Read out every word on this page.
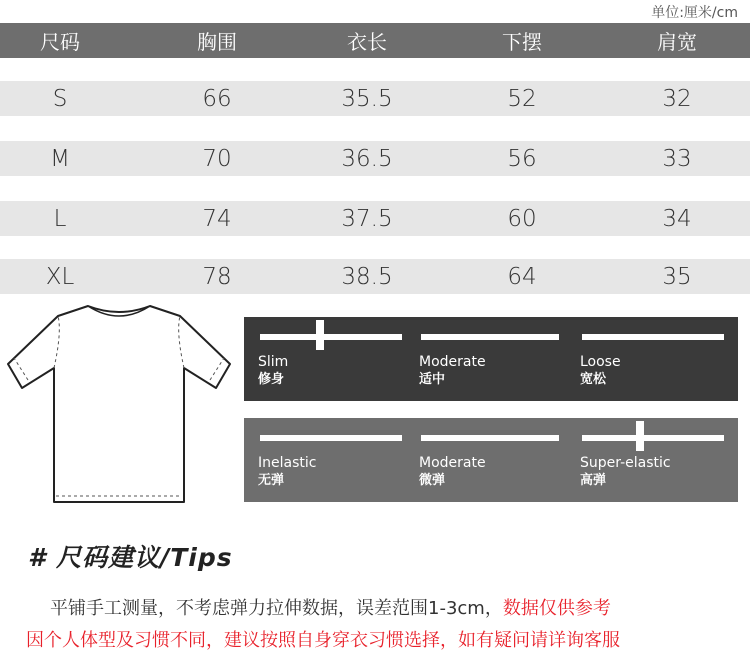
单位:厘米/cm
尺码	胸围	衣长	下摆	肩宽
S	66	35.5	52	32
M	70	36.5	56	33
L	74	37.5	60	34
XL	78	38.5	64	35
Slim
修身
Moderate
适中
Loose
宽松
Inelastic
无弹
Moderate
微弹
Super-elastic
高弹
# 尺码建议/Tips
平铺手工测量，不考虑弹力拉伸数据，误差范围1-3cm，数据仅供参考
因个人体型及习惯不同，建议按照自身穿衣习惯选择，如有疑问请详询客服
